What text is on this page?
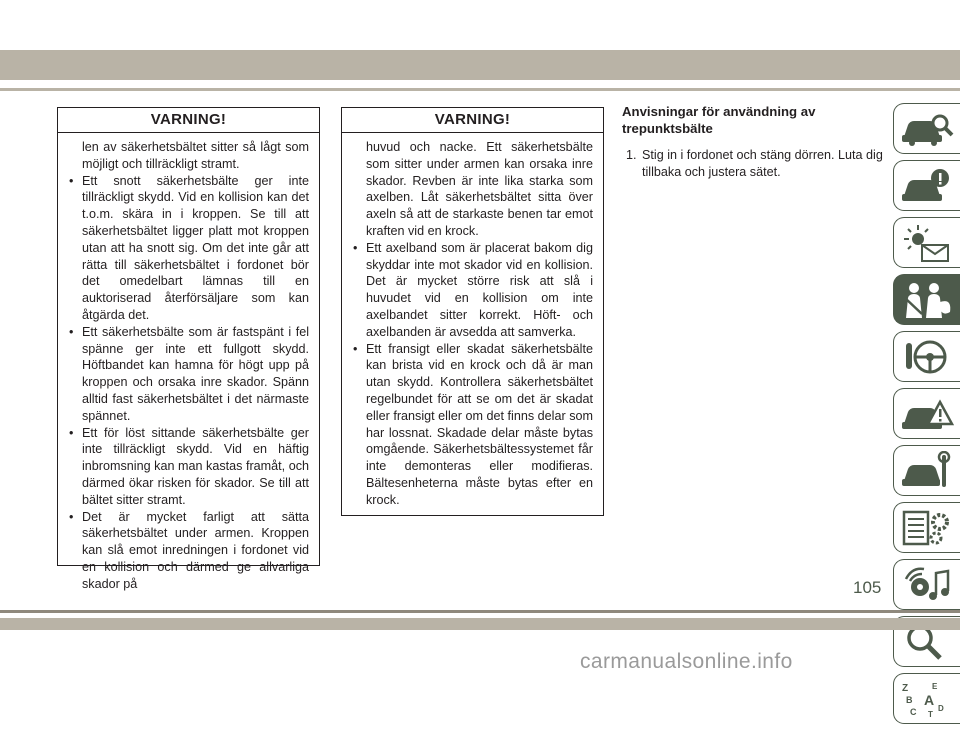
VARNING!

len av säkerhetsbältet sitter så lågt som möjligt och tillräckligt stramt.

• Ett snott säkerhetsbälte ger inte tillräckligt skydd. Vid en kollision kan det t.o.m. skära in i kroppen. Se till att säkerhetsbältet ligger platt mot kroppen utan att ha snott sig. Om det inte går att rätta till säkerhetsbältet i fordonet bör det omedelbart lämnas till en auktoriserad återförsäljare som kan åtgärda det.
• Ett säkerhetsbälte som är fastspänt i fel spänne ger inte ett fullgott skydd. Höftbandet kan hamna för högt upp på kroppen och orsaka inre skador. Spänn alltid fast säkerhetsbältet i det närmaste spännet.
• Ett för löst sittande säkerhetsbälte ger inte tillräckligt skydd. Vid en häftig inbromsning kan man kastas framåt, och därmed ökar risken för skador. Se till att bältet sitter stramt.
• Det är mycket farligt att sätta säkerhetsbältet under armen. Kroppen kan slå emot inredningen i fordonet vid en kollision och därmed ge allvarliga skador på
VARNING!

huvud och nacke. Ett säkerhetsbälte som sitter under armen kan orsaka inre skador. Revben är inte lika starka som axelben. Låt säkerhetsbältet sitta över axeln så att de starkaste benen tar emot kraften vid en krock.

• Ett axelband som är placerat bakom dig skyddar inte mot skador vid en kollision. Det är mycket större risk att slå i huvudet vid en kollision om inte axelbandet sitter korrekt. Höft- och axelbanden är avsedda att samverka.
• Ett fransigt eller skadat säkerhetsbälte kan brista vid en krock och då är man utan skydd. Kontrollera säkerhetsbältet regelbundet för att se om det är skadat eller fransigt eller om det finns delar som har lossnat. Skadade delar måste bytas omgående. Säkerhetsbältessystemet får inte demonteras eller modifieras. Bältesenheterna måste bytas efter en krock.
Anvisningar för användning av trepunktsbälte
1. Stig in i fordonet och stäng dörren. Luta dig tillbaka och justera sätet.
Z	E
B A
C	D
T
105
carmanualsonline.info
